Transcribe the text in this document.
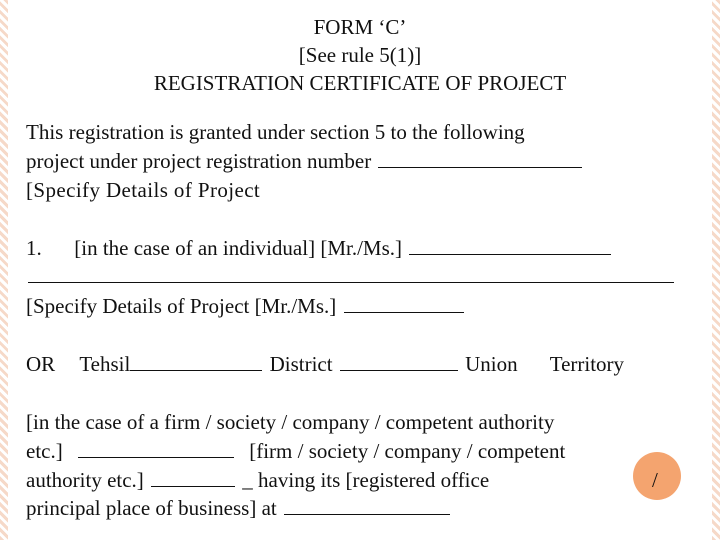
FORM ‘C’
[See rule 5(1)]
REGISTRATION CERTIFICATE OF PROJECT
This registration is granted under section 5 to the following
project under project registration number
[Specify Details of Project
1. [in the case of an individual] [Mr./Ms.]
[Specify Details of Project [Mr./Ms.]
OR Tehsil	District	Union Territory
[in the case of a firm / society / company / competent authority
etc.]	[firm / society / company / competent
authority etc.]	_ having its [registered office	/
principal place of business] at
